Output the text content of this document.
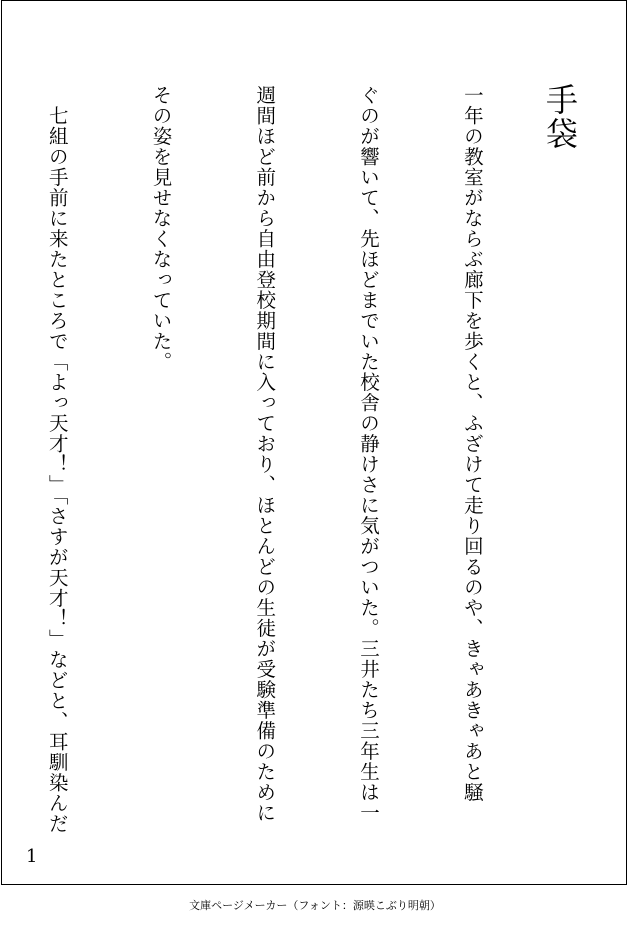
手袋

一年の教室がならぶ廊下を歩くと、ふざけて走り回るのや、きゃあきゃあと騒

ぐのが響いて、先ほどまでいた校舎の静けさに気がついた。三井たち三年生は一

週間ほど前から自由登校期間に入っており、ほとんどの生徒が受験準備のために

その姿を見せなくなっていた。

　七組の手前に来たところで「よっ天才！」「さすが天才！」などと、耳馴染んだ

1
文庫ページメーカー（フォント：源暎こぶり明朝）
